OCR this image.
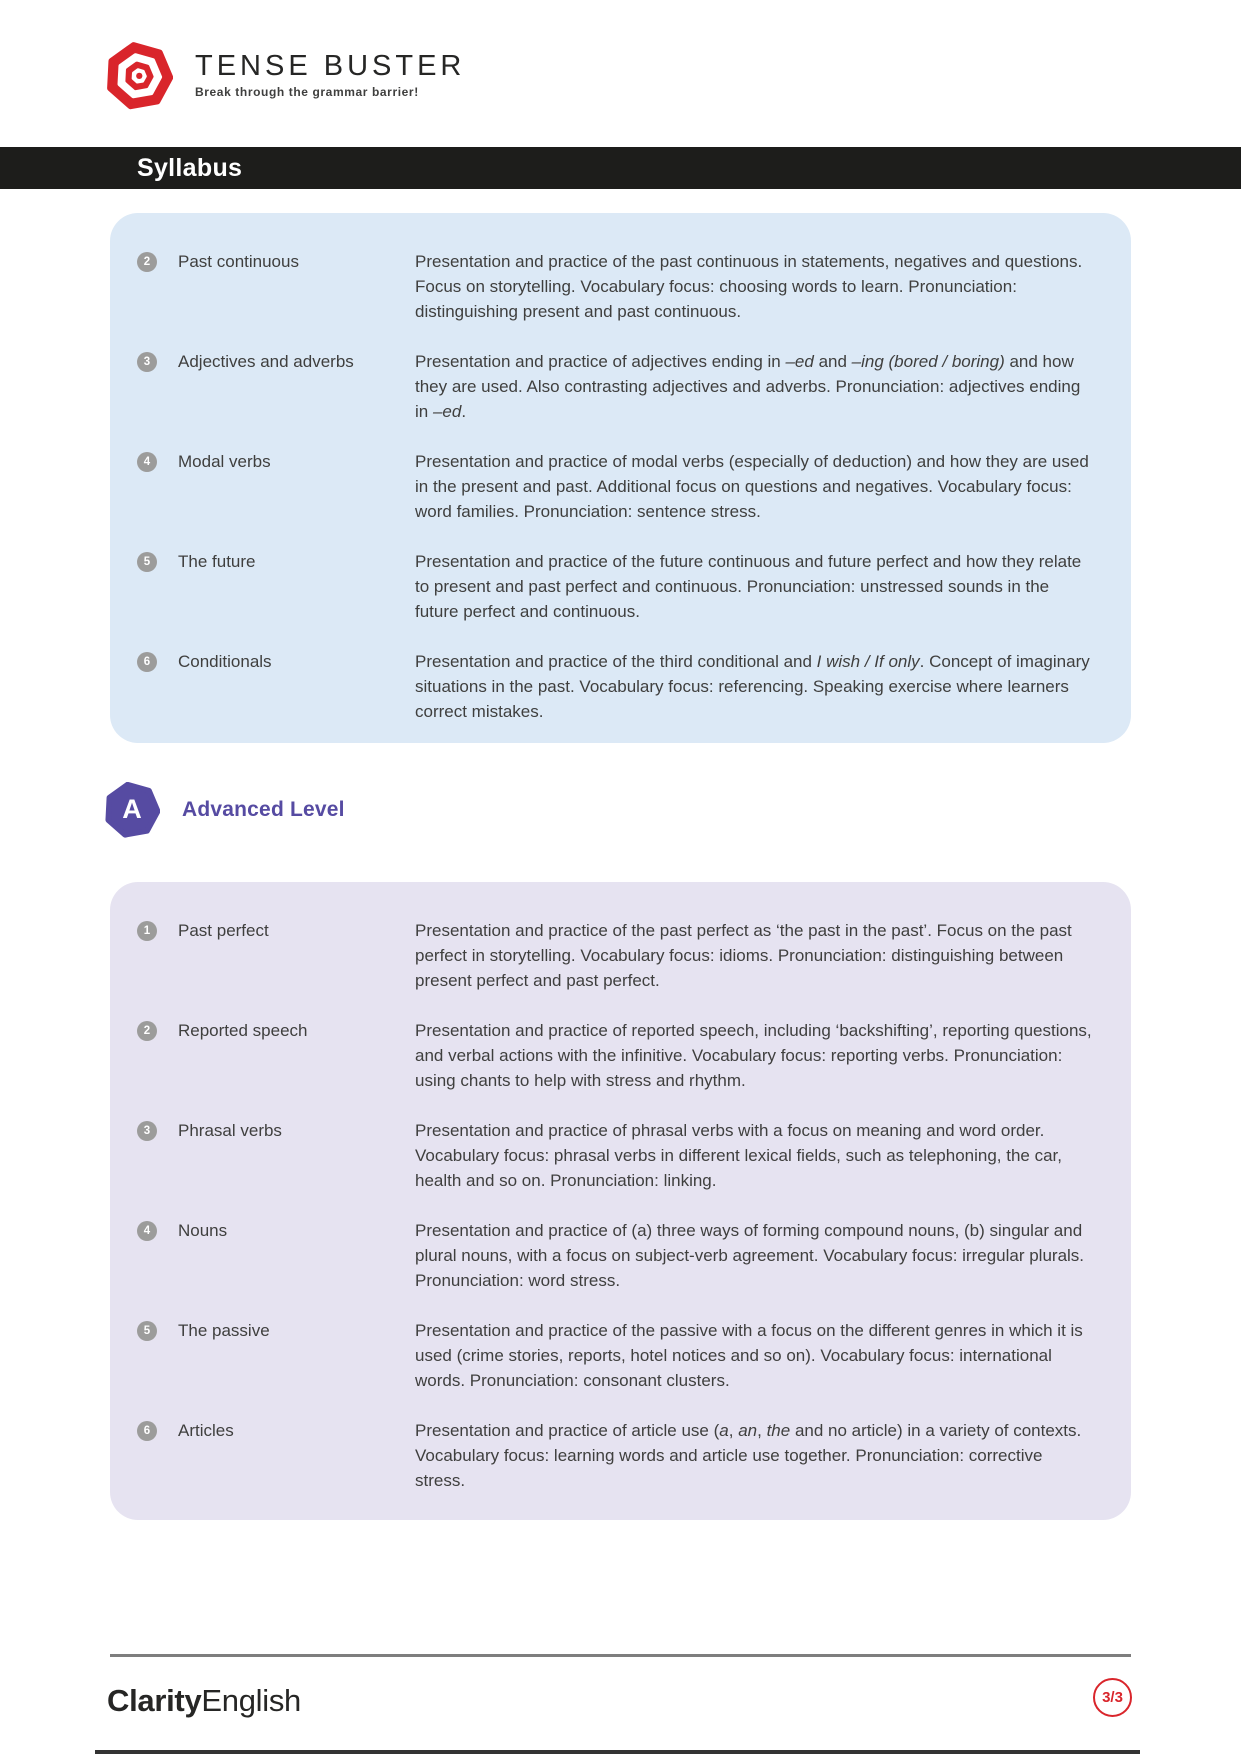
TENSE BUSTER
Break through the grammar barrier!
Syllabus
2	Past continuous	Presentation and practice of the past continuous in statements, negatives and questions. Focus on storytelling. Vocabulary focus: choosing words to learn. Pronunciation: distinguishing present and past continuous.
3	Adjectives and adverbs	Presentation and practice of adjectives ending in –ed and –ing (bored / boring) and how they are used. Also contrasting adjectives and adverbs. Pronunciation: adjectives ending in –ed.
4	Modal verbs	Presentation and practice of modal verbs (especially of deduction) and how they are used in the present and past. Additional focus on questions and negatives. Vocabulary focus: word families. Pronunciation: sentence stress.
5	The future	Presentation and practice of the future continuous and future perfect and how they relate to present and past perfect and continuous. Pronunciation: unstressed sounds in the future perfect and continuous.
6	Conditionals	Presentation and practice of the third conditional and I wish / If only. Concept of imaginary situations in the past. Vocabulary focus: referencing. Speaking exercise where learners correct mistakes.
A	Advanced Level
1	Past perfect	Presentation and practice of the past perfect as ‘the past in the past’. Focus on the past perfect in storytelling. Vocabulary focus: idioms. Pronunciation: distinguishing between present perfect and past perfect.
2	Reported speech	Presentation and practice of reported speech, including ‘backshifting’, reporting questions, and verbal actions with the infinitive. Vocabulary focus: reporting verbs. Pronunciation: using chants to help with stress and rhythm.
3	Phrasal verbs	Presentation and practice of phrasal verbs with a focus on meaning and word order. Vocabulary focus: phrasal verbs in different lexical fields, such as telephoning, the car, health and so on. Pronunciation: linking.
4	Nouns	Presentation and practice of (a) three ways of forming compound nouns, (b) singular and plural nouns, with a focus on subject-verb agreement. Vocabulary focus: irregular plurals. Pronunciation: word stress.
5	The passive	Presentation and practice of the passive with a focus on the different genres in which it is used (crime stories, reports, hotel notices and so on). Vocabulary focus: international words. Pronunciation: consonant clusters.
6	Articles	Presentation and practice of article use (a, an, the and no article) in a variety of contexts. Vocabulary focus: learning words and article use together. Pronunciation: corrective stress.
ClarityEnglish	3/3
